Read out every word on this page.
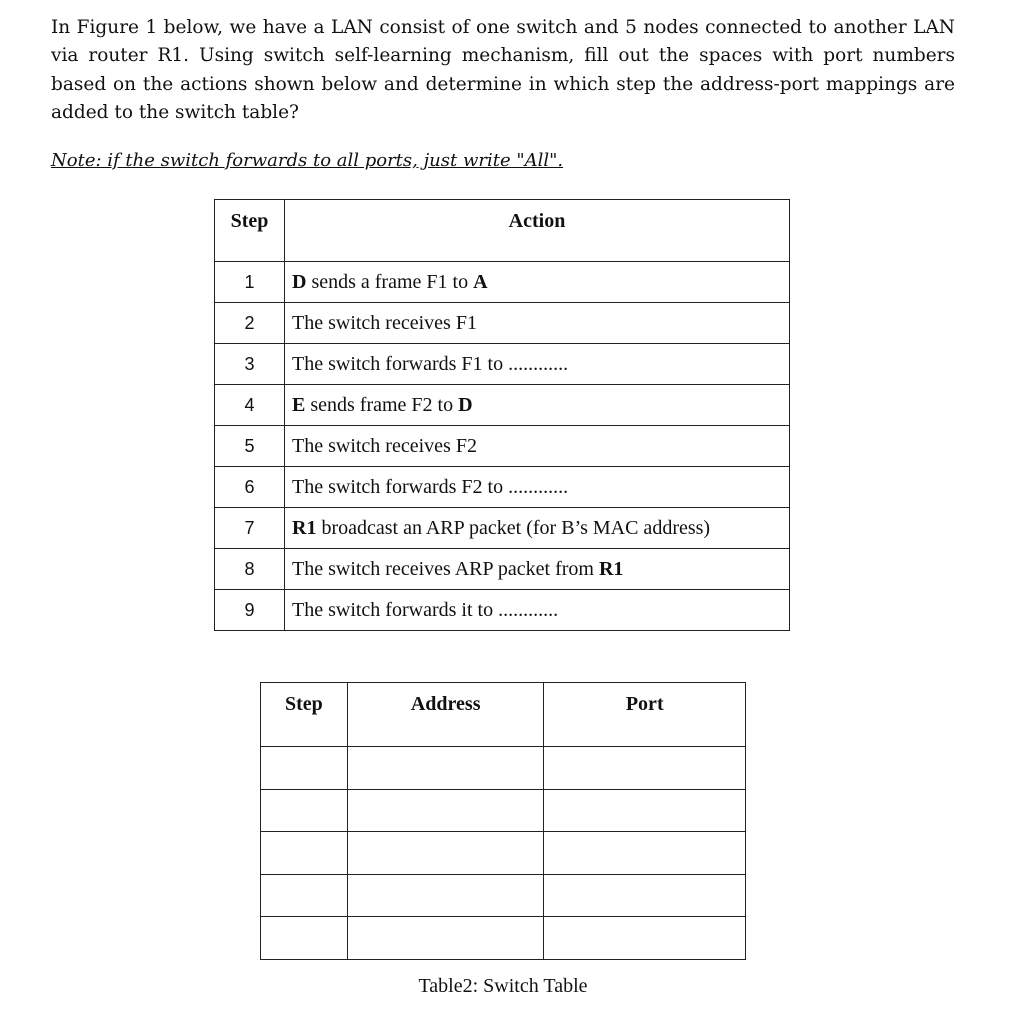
In Figure 1 below, we have a LAN consist of one switch and 5 nodes connected to another LAN via router R1. Using switch self-learning mechanism, fill out the spaces with port numbers based on the actions shown below and determine in which step the address-port mappings are added to the switch table?
Note: if the switch forwards to all ports, just write "All".
Step	Action
1	D sends a frame F1 to A
2	The switch receives F1
3	The switch forwards F1 to ............
4	E sends frame F2 to D
5	The switch receives F2
6	The switch forwards F2 to ............
7	R1 broadcast an ARP packet (for B’s MAC address)
8	The switch receives ARP packet from R1
9	The switch forwards it to ............
Step	Address	Port

Table2: Switch Table
